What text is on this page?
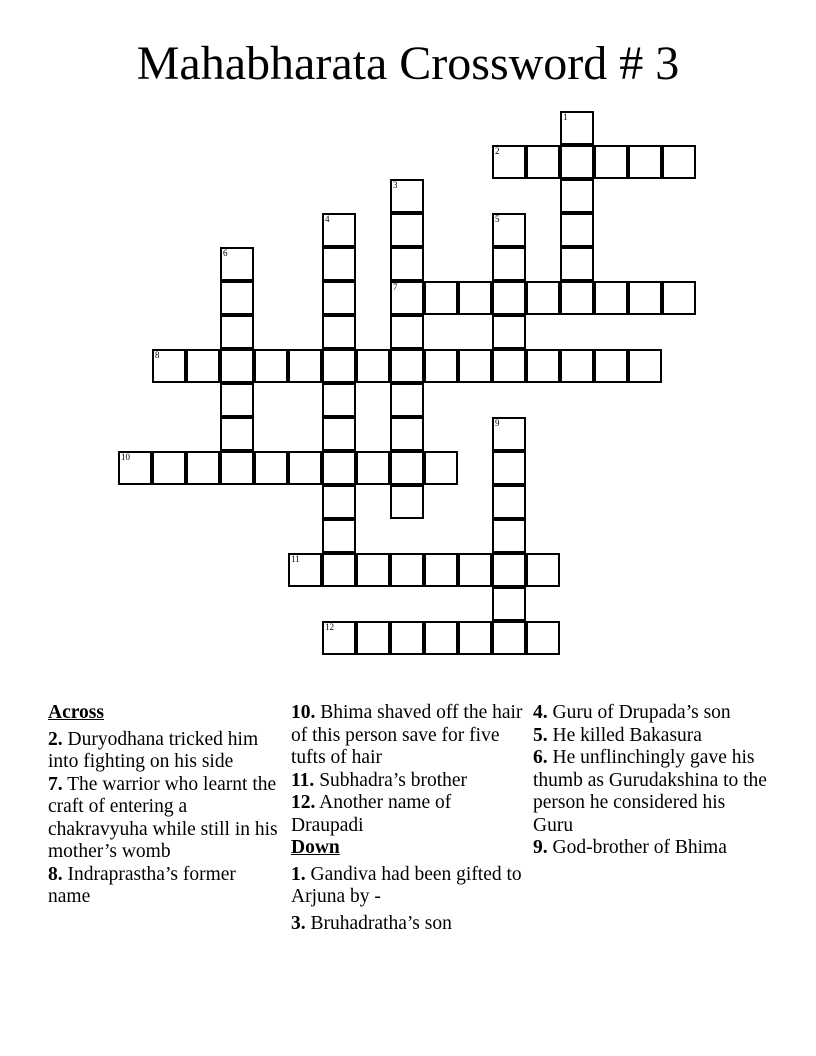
Mahabharata Crossword # 3
1
2
3
7
4	5
6
8
9
10
11
12
Across
2. Duryodhana tricked him into fighting on his side
7. The warrior who learnt the craft of entering a chakravyuha while still in his mother’s womb
8. Indraprastha’s former name
10. Bhima shaved off the hair of this person save for five tufts of hair
11. Subhadra’s brother
12. Another name of Draupadi
Down
1. Gandiva had been gifted to Arjuna by -
3. Bruhadratha’s son
4. Guru of Drupada’s son
5. He killed Bakasura
6. He unflinchingly gave his thumb as Gurudakshina to the person he considered his Guru
9. God-brother of Bhima
